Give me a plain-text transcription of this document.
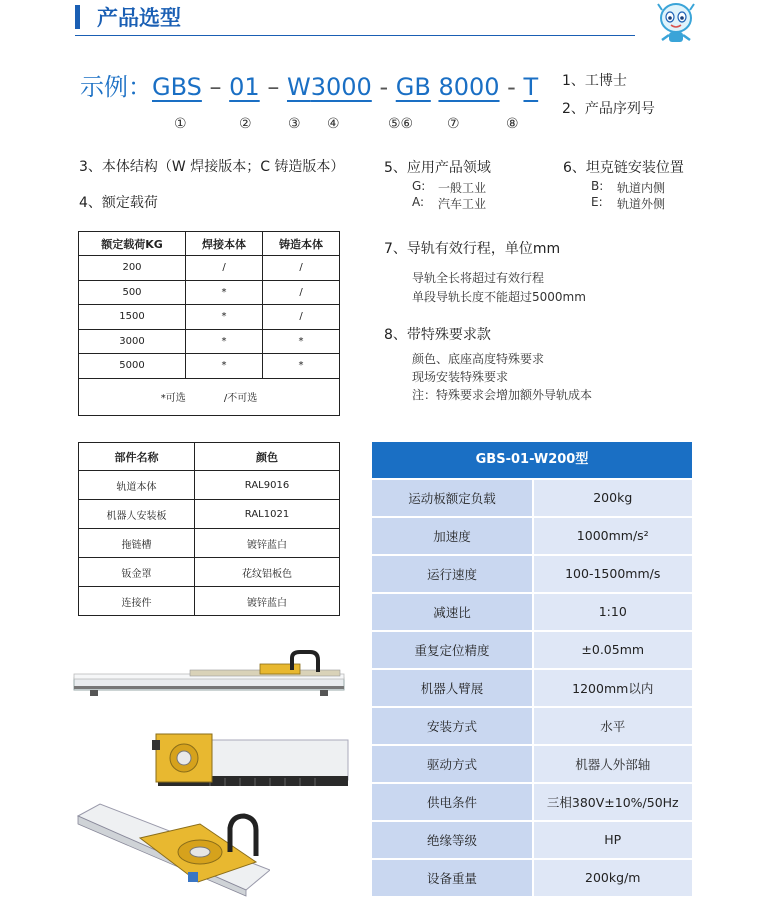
产品选型
示例：GBS – 01 – W3000 - GB 8000 - T
①	②	③ ④	⑤⑥ ⑦	⑧
1、工博士
2、产品序列号
3、本体结构（W 焊接版本；C 铸造版本）
4、额定载荷
5、应用产品领域
G: 一般工业
A: 汽车工业
6、坦克链安装位置
B: 轨道内侧
E: 轨道外侧
7、导轨有效行程，单位mm
导轨全长将超过有效行程
单段导轨长度不能超过5000mm
8、带特殊要求款
颜色、底座高度特殊要求
现场安装特殊要求
注：特殊要求会增加额外导轨成本
额定载荷KG	焊接本体	铸造本体
200	/	/
500	*	/
1500	*	/
3000	*	*
5000	*	*
*可选            /不可选		
部件名称	颜色
轨道本体	RAL9016
机器人安装板	RAL1021
拖链槽	镀锌蓝白
钣金罩	花纹铝板色
连接件	镀锌蓝白
GBS-01-W200型
运动板额定负载	200kg
加速度	1000mm/s²
运行速度	100-1500mm/s
减速比	1:10
重复定位精度	±0.05mm
机器人臂展	1200mm以内
安装方式	水平
驱动方式	机器人外部轴
供电条件	三相380V±10%/50Hz
绝缘等级	HP
设备重量	200kg/m
